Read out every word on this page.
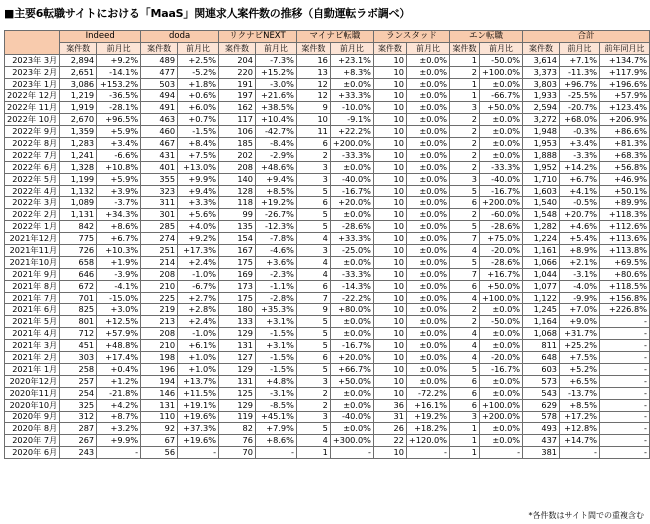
■主要6転職サイトにおける「MaaS」関連求人案件数の推移（自動運転ラボ調べ）
	Indeed		doda		リクナビNEXT		マイナビ転職		ランスタッド		エン転職		合計		
	案件数	前月比	案件数	前月比	案件数	前月比	案件数	前月比	案件数	前月比	案件数	前月比	案件数	前月比	前年同月比
2023年 3月	2,894	+9.2%	489	+2.5%	204	-7.3%	16	+23.1%	10	±0.0%	1	-50.0%	3,614	+7.1%	+134.7%
2023年 2月	2,651	-14.1%	477	-5.2%	220	+15.2%	13	+8.3%	10	±0.0%	2	+100.0%	3,373	-11.3%	+117.9%
2023年 1月	3,086	+153.2%	503	+1.8%	191	-3.0%	12	±0.0%	10	±0.0%	1	±0.0%	3,803	+96.7%	+196.6%
2022年 12月	1,219	-36.5%	494	+0.6%	197	+21.6%	12	+33.3%	10	±0.0%	1	-66.7%	1,933	-25.5%	+57.9%
2022年 11月	1,919	-28.1%	491	+6.0%	162	+38.5%	9	-10.0%	10	±0.0%	3	+50.0%	2,594	-20.7%	+123.4%
2022年 10月	2,670	+96.5%	463	+0.7%	117	+10.4%	10	-9.1%	10	±0.0%	2	±0.0%	3,272	+68.0%	+206.9%
2022年 9月	1,359	+5.9%	460	-1.5%	106	-42.7%	11	+22.2%	10	±0.0%	2	±0.0%	1,948	-0.3%	+86.6%
2022年 8月	1,283	+3.4%	467	+8.4%	185	-8.4%	6	+200.0%	10	±0.0%	2	±0.0%	1,953	+3.4%	+81.3%
2022年 7月	1,241	-6.6%	431	+7.5%	202	-2.9%	2	-33.3%	10	±0.0%	2	±0.0%	1,888	-3.3%	+68.3%
2022年 6月	1,328	+10.8%	401	+13.0%	208	+48.6%	3	±0.0%	10	±0.0%	2	-33.3%	1,952	+14.2%	+56.8%
2022年 5月	1,199	+5.9%	355	+9.9%	140	+9.4%	3	-40.0%	10	±0.0%	3	-40.0%	1,710	+6.7%	+46.9%
2022年 4月	1,132	+3.9%	323	+9.4%	128	+8.5%	5	-16.7%	10	±0.0%	5	-16.7%	1,603	+4.1%	+50.1%
2022年 3月	1,089	-3.7%	311	+3.3%	118	+19.2%	6	+20.0%	10	±0.0%	6	+200.0%	1,540	-0.5%	+89.9%
2022年 2月	1,131	+34.3%	301	+5.6%	99	-26.7%	5	±0.0%	10	±0.0%	2	-60.0%	1,548	+20.7%	+118.3%
2022年 1月	842	+8.6%	285	+4.0%	135	-12.3%	5	-28.6%	10	±0.0%	5	-28.6%	1,282	+4.6%	+112.6%
2021年12月	775	+6.7%	274	+9.2%	154	-7.8%	4	+33.3%	10	±0.0%	7	+75.0%	1,224	+5.4%	+113.6%
2021年11月	726	+10.3%	251	+17.3%	167	-4.6%	3	-25.0%	10	±0.0%	4	-20.0%	1,161	+8.9%	+113.8%
2021年10月	658	+1.9%	214	+2.4%	175	+3.6%	4	±0.0%	10	±0.0%	5	-28.6%	1,066	+2.1%	+69.5%
2021年 9月	646	-3.9%	208	-1.0%	169	-2.3%	4	-33.3%	10	±0.0%	7	+16.7%	1,044	-3.1%	+80.6%
2021年 8月	672	-4.1%	210	-6.7%	173	-1.1%	6	-14.3%	10	±0.0%	6	+50.0%	1,077	-4.0%	+118.5%
2021年 7月	701	-15.0%	225	+2.7%	175	-2.8%	7	-22.2%	10	±0.0%	4	+100.0%	1,122	-9.9%	+156.8%
2021年 6月	825	+3.0%	219	+2.8%	180	+35.3%	9	+80.0%	10	±0.0%	2	±0.0%	1,245	+7.0%	+226.8%
2021年 5月	801	+12.5%	213	+2.4%	133	+3.1%	5	±0.0%	10	±0.0%	2	-50.0%	1,164	+9.0%	-
2021年 4月	712	+57.9%	208	-1.0%	129	-1.5%	5	±0.0%	10	±0.0%	4	±0.0%	1,068	+31.7%	-
2021年 3月	451	+48.8%	210	+6.1%	131	+3.1%	5	-16.7%	10	±0.0%	4	±0.0%	811	+25.2%	-
2021年 2月	303	+17.4%	198	+1.0%	127	-1.5%	6	+20.0%	10	±0.0%	4	-20.0%	648	+7.5%	-
2021年 1月	258	+0.4%	196	+1.0%	129	-1.5%	5	+66.7%	10	±0.0%	5	-16.7%	603	+5.2%	-
2020年12月	257	+1.2%	194	+13.7%	131	+4.8%	3	+50.0%	10	±0.0%	6	±0.0%	573	+6.5%	-
2020年11月	254	-21.8%	146	+11.5%	125	-3.1%	2	±0.0%	10	-72.2%	6	±0.0%	543	-13.7%	-
2020年10月	325	+4.2%	131	+19.1%	129	-8.5%	2	±0.0%	36	+16.1%	6	+100.0%	629	+8.5%	-
2020年 9月	312	+8.7%	110	+19.6%	119	+45.1%	3	-40.0%	31	+19.2%	3	+200.0%	578	+17.2%	-
2020年 8月	287	+3.2%	92	+37.3%	82	+7.9%	5	±0.0%	26	+18.2%	1	±0.0%	493	+12.8%	-
2020年 7月	267	+9.9%	67	+19.6%	76	+8.6%	4	+300.0%	22	+120.0%	1	±0.0%	437	+14.7%	-
2020年 6月	243	-	56	-	70	-	1	-	10	-	1	-	381	-	-
*各件数はサイト間での重複含む
